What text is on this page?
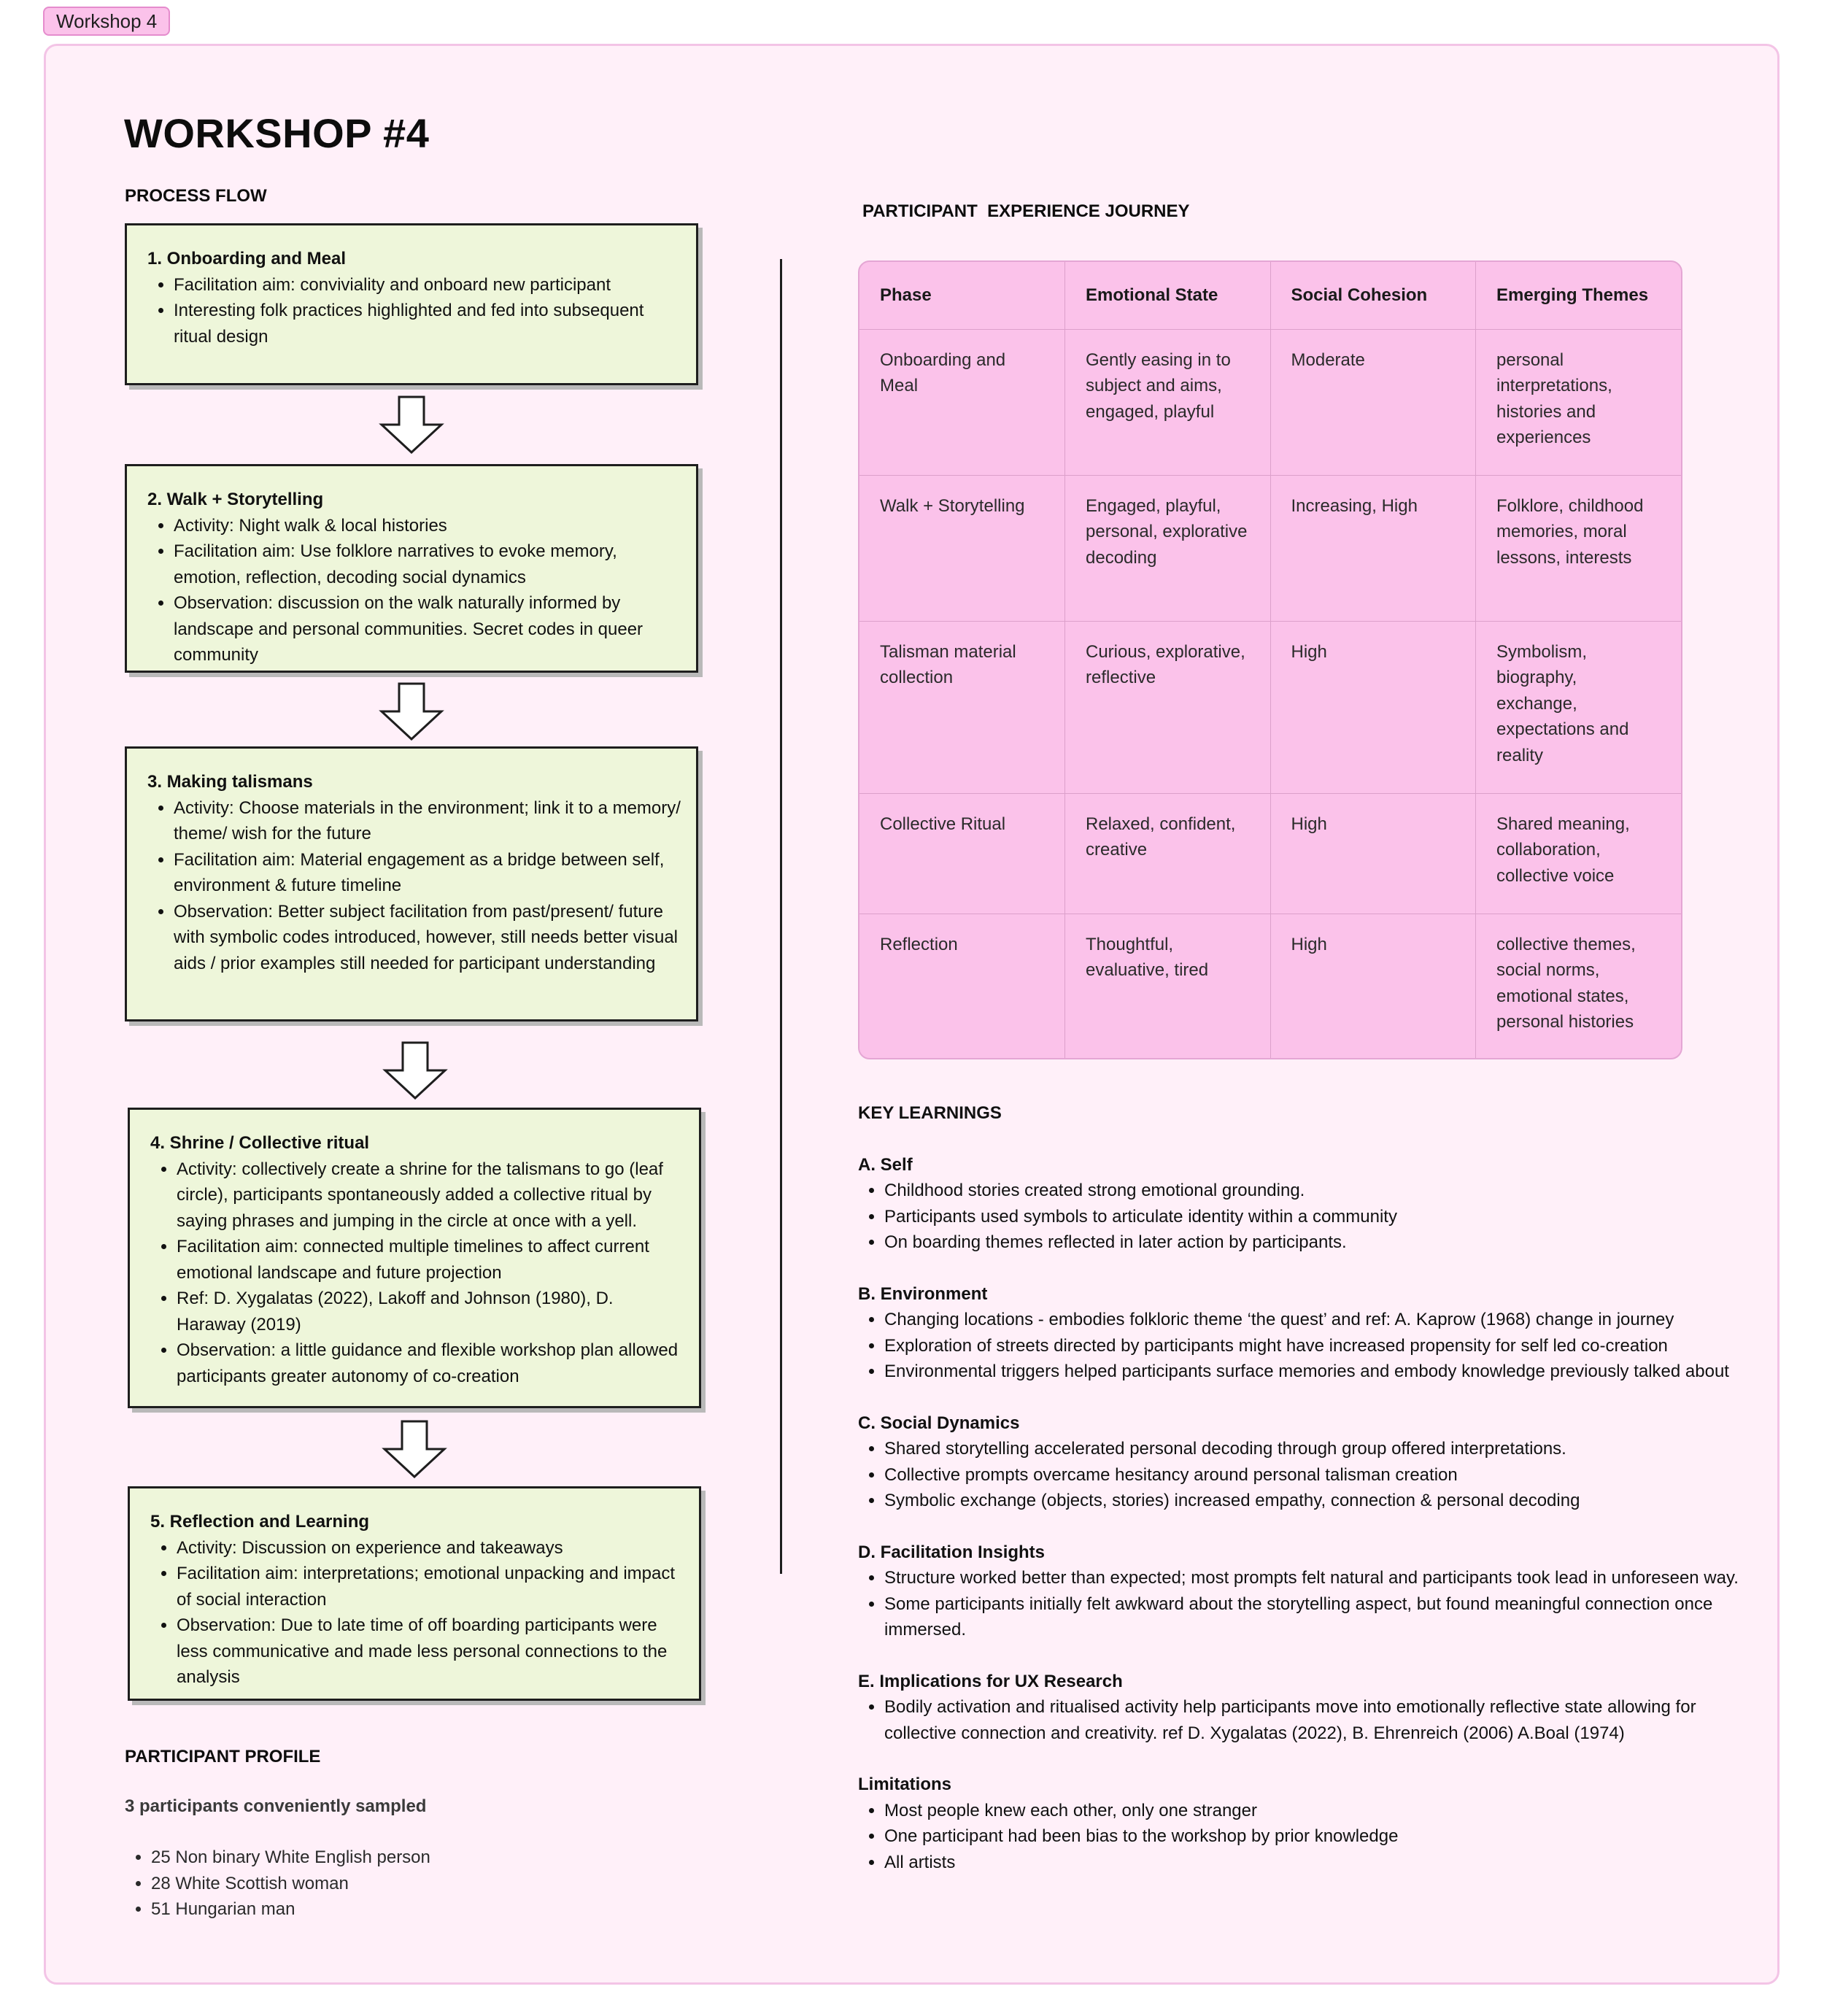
Workshop 4
WORKSHOP #4

PROCESS FLOW

1. Onboarding and Meal

• Facilitation aim: conviviality and onboard new participant
• Interesting folk practices highlighted and fed into subsequent ritual design

2. Walk + Storytelling

• Activity: Night walk & local histories
• Facilitation aim: Use folklore narratives to evoke memory, emotion, reflection, decoding social dynamics
• Observation: discussion on the walk naturally informed by landscape and personal communities. Secret codes in queer community

3. Making talismans

• Activity: Choose materials in the environment; link it to a memory/ theme/ wish for the future
• Facilitation aim: Material engagement as a bridge between self, environment & future timeline
• Observation: Better subject facilitation from past/present/ future with symbolic codes introduced, however, still needs better visual aids / prior examples still needed for participant understanding

4. Shrine / Collective ritual

• Activity: collectively create a shrine for the talismans to go (leaf circle), participants spontaneously added a collective ritual by saying phrases and jumping in the circle at once with a yell.
• Facilitation aim: connected multiple timelines to affect current emotional landscape and future projection
• Ref: D. Xygalatas (2022), Lakoff and Johnson (1980), D. Haraway (2019)
• Observation: a little guidance and flexible workshop plan allowed participants greater autonomy of co-creation

5. Reflection and Learning

• Activity: Discussion on experience and takeaways
• Facilitation aim: interpretations; emotional unpacking and impact of social interaction
• Observation: Due to late time of off boarding participants were less communicative and made less personal connections to the analysis

PARTICIPANT  EXPERIENCE JOURNEY

Phase	Emotional State	Social Cohesion	Emerging Themes
Onboarding and Meal	Gently easing in to subject and aims, engaged, playful	Moderate	personal interpretations, histories and experiences
Walk + Storytelling	Engaged, playful, personal, explorative decoding	Increasing, High	Folklore, childhood memories, moral lessons, interests
Talisman material collection	Curious, explorative, reflective	High	Symbolism, biography, exchange, expectations and reality
Collective Ritual	Relaxed, confident, creative	High	Shared meaning, collaboration, collective voice
Reflection	Thoughtful, evaluative, tired	High	collective themes, social norms, emotional states, personal histories

KEY LEARNINGS

A. Self

• Childhood stories created strong emotional grounding.
• Participants used symbols to articulate identity within a community
• On boarding themes reflected in later action by participants.

B. Environment

• Changing locations - embodies folkloric theme ‘the quest’ and ref: A. Kaprow (1968) change in journey
• Exploration of streets directed by participants might have increased propensity for self led co-creation
• Environmental triggers helped participants surface memories and embody knowledge previously talked about

C. Social Dynamics

• Shared storytelling accelerated personal decoding through group offered interpretations.
• Collective prompts overcame hesitancy around personal talisman creation
• Symbolic exchange (objects, stories) increased empathy, connection & personal decoding

D. Facilitation Insights

• Structure worked better than expected; most prompts felt natural and participants took lead in unforeseen way.
• Some participants initially felt awkward about the storytelling aspect, but found meaningful connection once immersed.

E. Implications for UX Research

• Bodily activation and ritualised activity help participants move into emotionally reflective state allowing for collective connection and creativity. ref D. Xygalatas (2022), B. Ehrenreich (2006) A.Boal (1974)

Limitations

• Most people knew each other, only one stranger
• One participant had been bias to the workshop by prior knowledge
• All artists

PARTICIPANT PROFILE

3 participants conveniently sampled

• 25 Non binary White English person
• 28 White Scottish woman
• 51 Hungarian man
